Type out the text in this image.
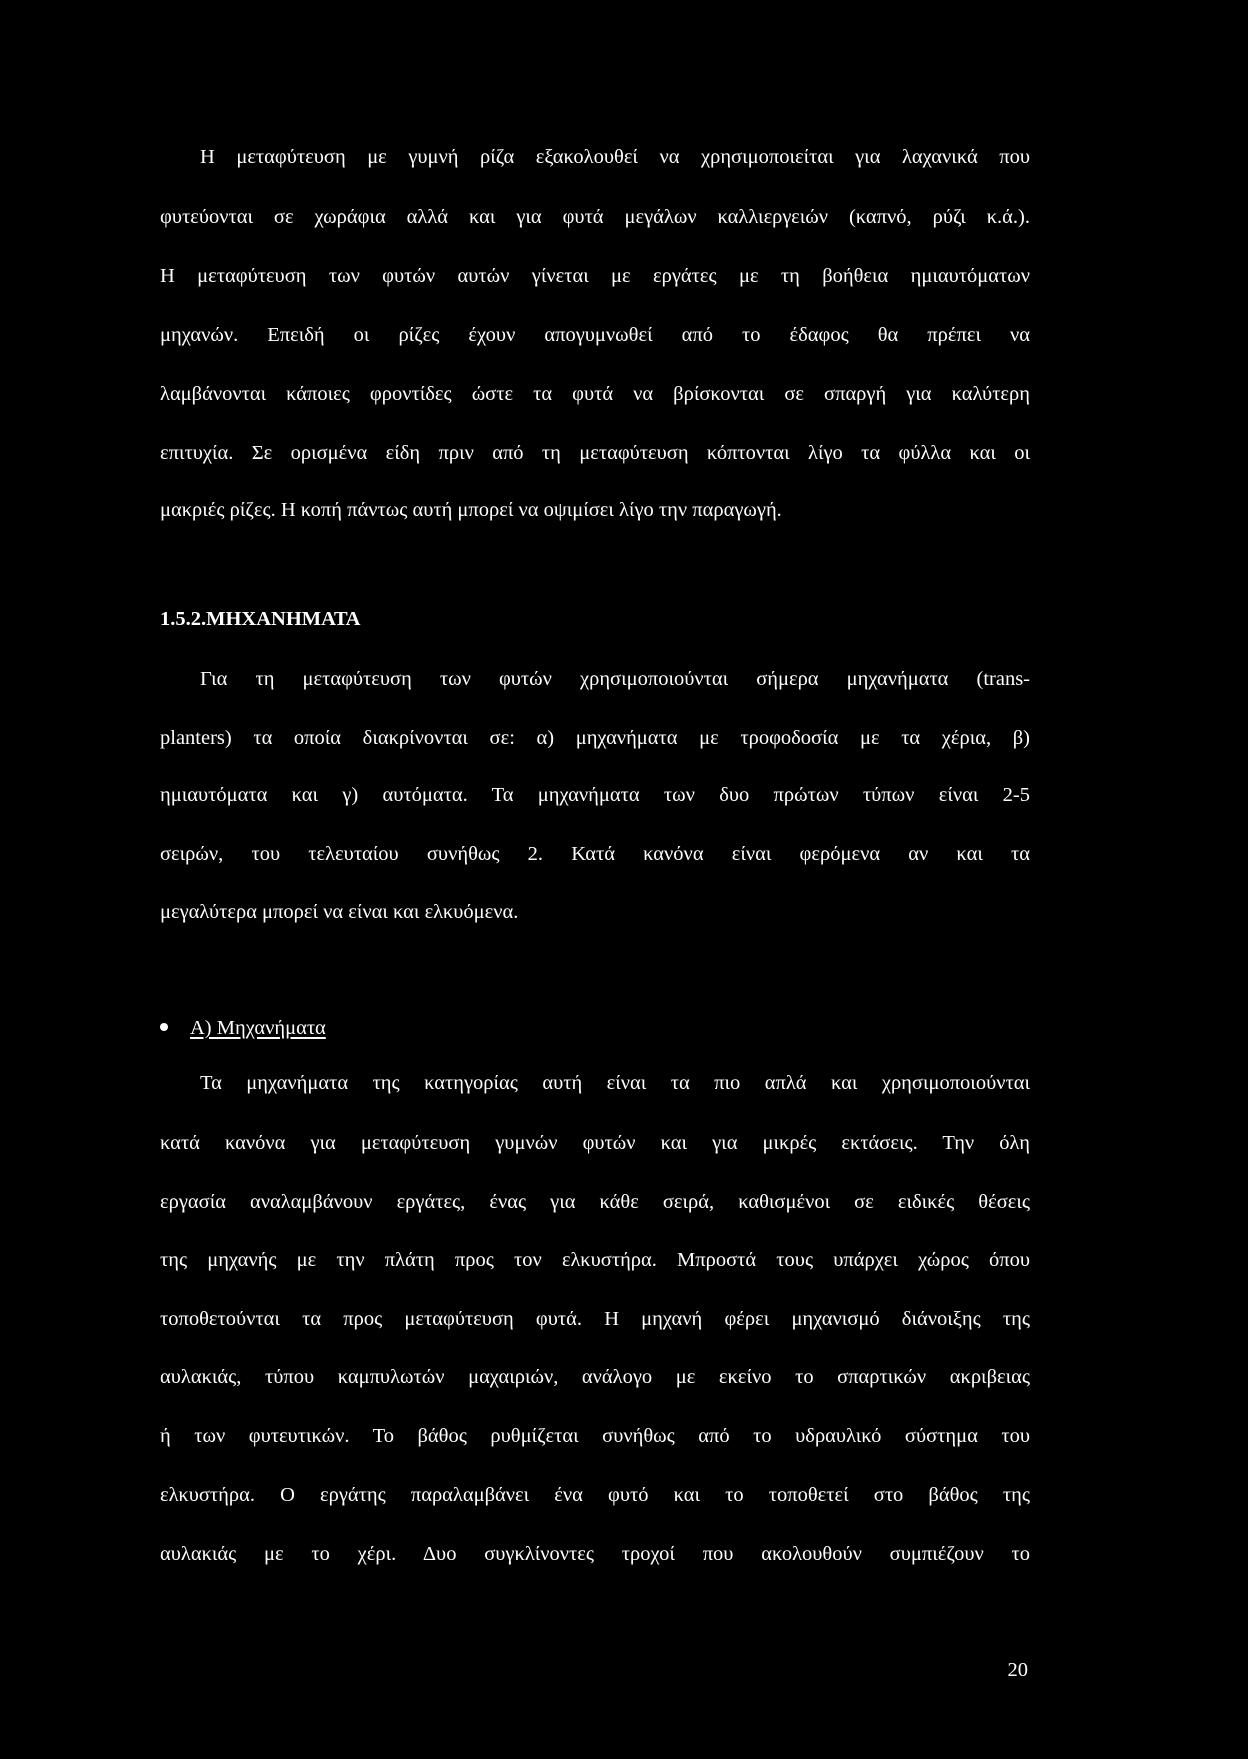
Η μεταφύτευση με γυμνή ρίζα εξακολουθεί να χρησιμοποιείται για λαχανικά που
φυτεύονται σε χωράφια αλλά και για φυτά μεγάλων καλλιεργειών (καπνό, ρύζι κ.ά.).
Η μεταφύτευση των φυτών αυτών γίνεται με εργάτες με τη βοήθεια ημιαυτόματων
μηχανών. Επειδή οι ρίζες έχουν απογυμνωθεί από το έδαφος θα πρέπει να
λαμβάνονται κάποιες φροντίδες ώστε τα φυτά να βρίσκονται σε σπαργή για καλύτερη
επιτυχία. Σε ορισμένα είδη πριν από τη μεταφύτευση κόπτονται λίγο τα φύλλα και οι
μακριές ρίζες. Η κοπή πάντως αυτή μπορεί να οψιμίσει λίγο την παραγωγή.
1.5.2.ΜΗΧΑΝΗΜΑΤΑ
Για τη μεταφύτευση των φυτών χρησιμοποιούνται σήμερα μηχανήματα (trans-
planters) τα οποία διακρίνονται σε: α) μηχανήματα με τροφοδοσία με τα χέρια, β)
ημιαυτόματα και γ) αυτόματα. Τα μηχανήματα των δυο πρώτων τύπων είναι 2-5
σειρών, του τελευταίου συνήθως 2. Κατά κανόνα είναι φερόμενα αν και τα
μεγαλύτερα μπορεί να είναι και ελκυόμενα.
Α) Μηχανήματα
Τα μηχανήματα της κατηγορίας αυτή είναι τα πιο απλά και χρησιμοποιούνται
κατά κανόνα για μεταφύτευση γυμνών φυτών και για μικρές εκτάσεις. Την όλη
εργασία αναλαμβάνουν εργάτες, ένας για κάθε σειρά, καθισμένοι σε ειδικές θέσεις
της μηχανής με την πλάτη προς τον ελκυστήρα. Μπροστά τους υπάρχει χώρος όπου
τοποθετούνται τα προς μεταφύτευση φυτά. Η μηχανή φέρει μηχανισμό διάνοιξης της
αυλακιάς, τύπου καμπυλωτών μαχαιριών, ανάλογο με εκείνο το σπαρτικών ακριβειας
ή των φυτευτικών. Το βάθος ρυθμίζεται συνήθως από το υδραυλικό σύστημα του
ελκυστήρα. Ο εργάτης παραλαμβάνει ένα φυτό και το τοποθετεί στο βάθος της
αυλακιάς με το χέρι. Δυο συγκλίνοντες τροχοί που ακολουθούν συμπιέζουν το
20
